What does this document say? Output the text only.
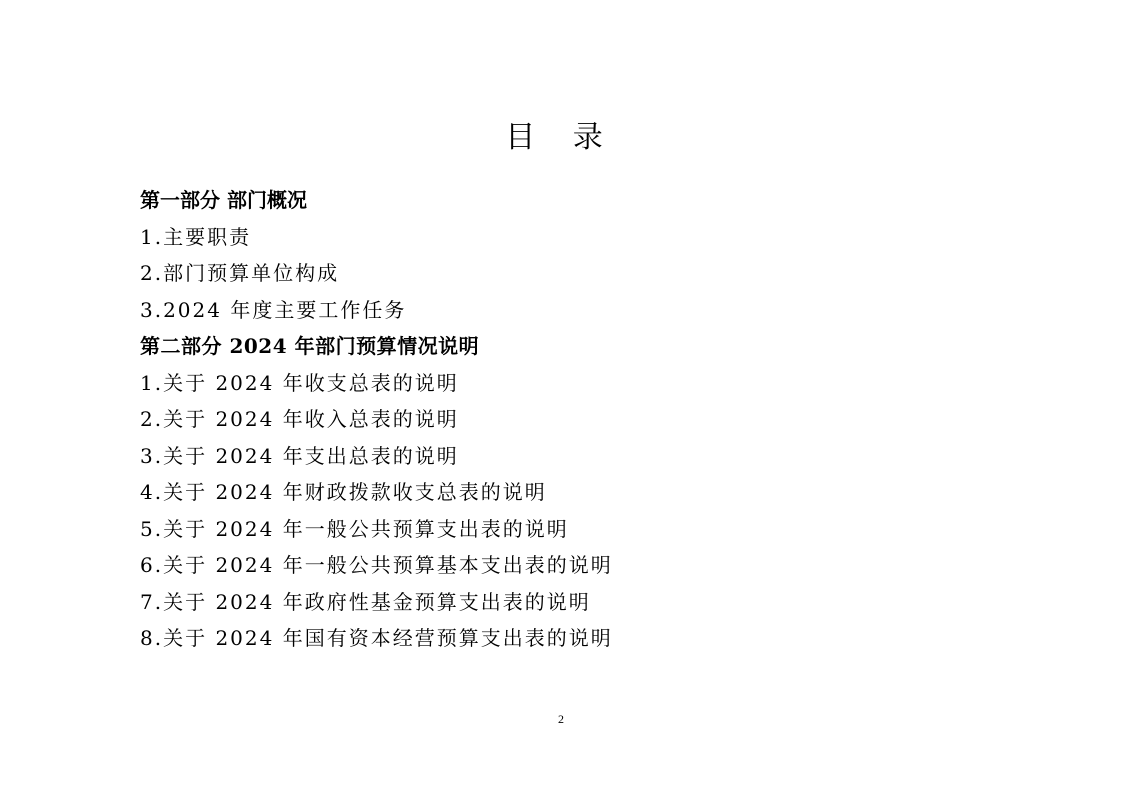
目 录
第一部分 部门概况
1.主要职责
2.部门预算单位构成
3.2024 年度主要工作任务
第二部分 2024 年部门预算情况说明
1.关于 2024 年收支总表的说明
2.关于 2024 年收入总表的说明
3.关于 2024 年支出总表的说明
4.关于 2024 年财政拨款收支总表的说明
5.关于 2024 年一般公共预算支出表的说明
6.关于 2024 年一般公共预算基本支出表的说明
7.关于 2024 年政府性基金预算支出表的说明
8.关于 2024 年国有资本经营预算支出表的说明
2
